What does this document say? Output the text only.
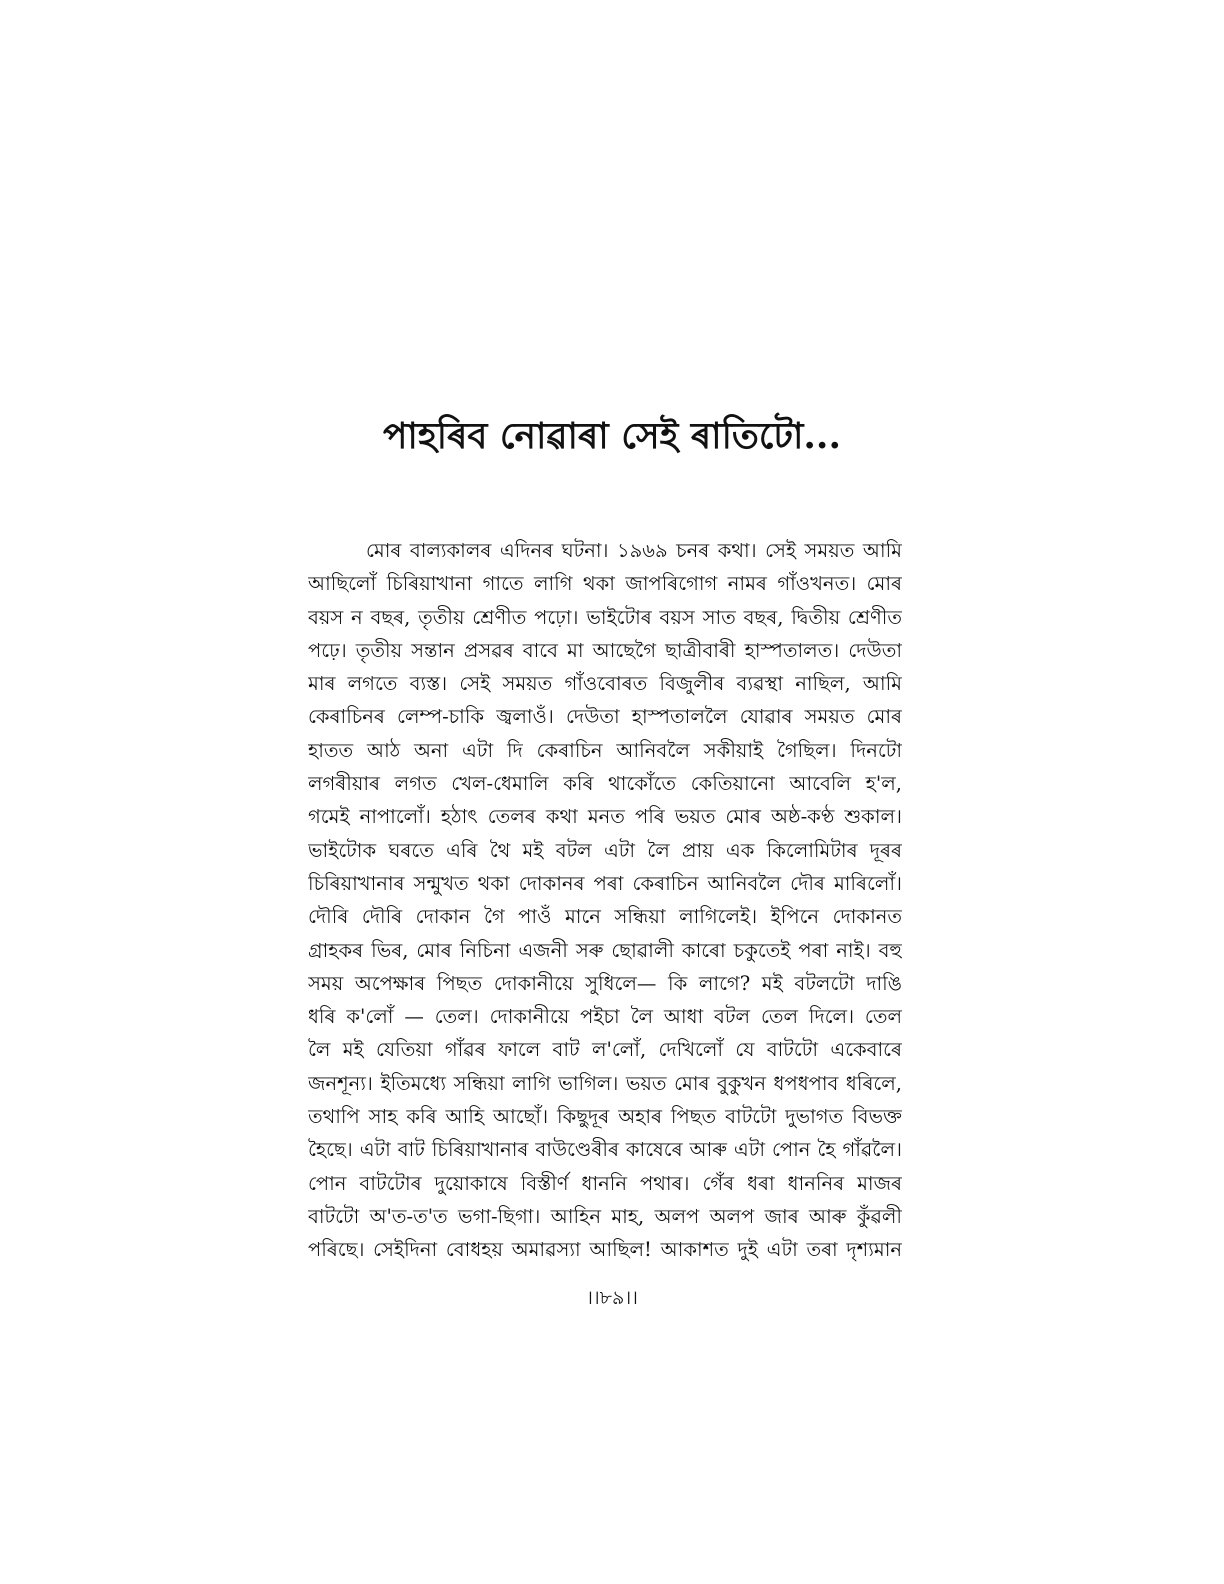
পাহৰিব নোৱাৰা সেই ৰাতিটো...
মোৰ বাল্যকালৰ এদিনৰ ঘটনা। ১৯৬৯ চনৰ কথা। সেই সময়ত আমি
আছিলোঁ চিৰিয়াখানা গাতে লাগি থকা জাপৰিগোগ নামৰ গাঁওখনত। মোৰ
বয়স ন বছৰ, তৃতীয় শ্ৰেণীত পঢ়ো। ভাইটোৰ বয়স সাত বছৰ, দ্বিতীয় শ্ৰেণীত
পঢ়ে। তৃতীয় সন্তান প্ৰসৱৰ বাবে মা আছেগৈ ছাত্ৰীবাৰী হাস্পতালত। দেউতা
মাৰ লগতে ব্যস্ত। সেই সময়ত গাঁওবোৰত বিজুলীৰ ব্যৱস্থা নাছিল, আমি
কেৰাচিনৰ লেম্প-চাকি জ্বলাওঁ। দেউতা হাস্পতাললৈ যোৱাৰ সময়ত মোৰ
হাতত আঠ অনা এটা দি কেৰাচিন আনিবলৈ সকীয়াই গৈছিল। দিনটো
লগৰীয়াৰ লগত খেল-ধেমালি কৰি থাকোঁতে কেতিয়ানো আবেলি হ'ল,
গমেই নাপালোঁ। হঠাৎ তেলৰ কথা মনত পৰি ভয়ত মোৰ অষ্ঠ-কণ্ঠ শুকাল।
ভাইটোক ঘৰতে এৰি থৈ মই বটল এটা লৈ প্ৰায় এক কিলোমিটাৰ দূৰৰ
চিৰিয়াখানাৰ সন্মুখত থকা দোকানৰ পৰা কেৰাচিন আনিবলৈ দৌৰ মাৰিলোঁ।
দৌৰি দৌৰি দোকান গৈ পাওঁ মানে সন্ধিয়া লাগিলেই। ইপিনে দোকানত
গ্ৰাহকৰ ভিৰ, মোৰ নিচিনা এজনী সৰু ছোৱালী কাৰো চকুতেই পৰা নাই। বহু
সময় অপেক্ষাৰ পিছত দোকানীয়ে সুধিলে— কি লাগে? মই বটলটো দাঙি
ধৰি ক'লোঁ — তেল। দোকানীয়ে পইচা লৈ আধা বটল তেল দিলে। তেল
লৈ মই যেতিয়া গাঁৱৰ ফালে বাট ল'লোঁ, দেখিলোঁ যে বাটটো একেবাৰে
জনশূন্য। ইতিমধ্যে সন্ধিয়া লাগি ভাগিল। ভয়ত মোৰ বুকুখন ধপধপাব ধৰিলে,
তথাপি সাহ কৰি আহি আছোঁ। কিছুদূৰ অহাৰ পিছত বাটটো দুভাগত বিভক্ত
হৈছে। এটা বাট চিৰিয়াখানাৰ বাউণ্ডেৰীৰ কাষেৰে আৰু এটা পোন হৈ গাঁৱলৈ।
পোন বাটটোৰ দুয়োকাষে বিস্তীৰ্ণ ধাননি পথাৰ। গেঁৰ ধৰা ধাননিৰ মাজৰ
বাটটো অ'ত-ত'ত ভগা-ছিগা। আহিন মাহ, অলপ অলপ জাৰ আৰু কুঁৱলী
পৰিছে। সেইদিনা বোধহয় অমাৱস্যা আছিল! আকাশত দুই এটা তৰা দৃশ্যমান
।।৮৯।।
